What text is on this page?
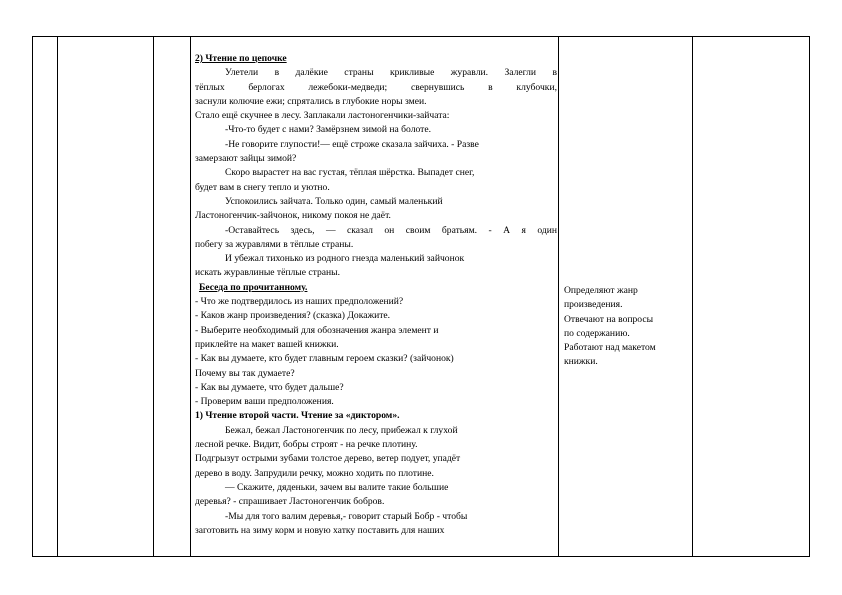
2) Чтение по цепочке

Улетели в далёкие страны крикливые журавли. Залегли в

тёплых берлогах лежебоки-медведи; свернувшись в клубочки,

заснули колючие ежи; спрятались в глубокие норы змеи.

Стало ещё скучнее в лесу. Заплакали ластоногенчики-зайчата:

-Что-то будет с нами? Замёрзнем зимой на болоте.

-Не говорите глупости!— ещё строже сказала зайчиха. - Разве

замерзают зайцы зимой?

Скоро вырастет на вас густая, тёплая шёрстка. Выпадет снег,

будет вам в снегу тепло и уютно.

Успокоились зайчата. Только один, самый маленький

Ластоногенчик-зайчонок, никому покоя не даёт.

-Оставайтесь здесь, — сказал он своим братьям. - А я один

побегу за журавлями в тёплые страны.

И убежал тихонько из родного гнезда маленький зайчонок

искать журавлиные тёплые страны.

Беседа по прочитанному.

- Что же подтвердилось из наших предположений?

- Каков жанр произведения? (сказка) Докажите.

- Выберите необходимый для обозначения жанра элемент и

приклейте на макет вашей книжки.

- Как вы думаете, кто будет главным героем сказки? (зайчонок)

Почему вы так думаете?

- Как вы думаете, что будет дальше?

- Проверим ваши предположения.

1) Чтение второй части. Чтение за «диктором».

Бежал, бежал Ластоногенчик по лесу, прибежал к глухой

лесной речке. Видит, бобры строят - на речке плотину.

Подгрызут острыми зубами толстое дерево, ветер подует, упадёт

дерево в воду. Запрудили речку, можно ходить по плотине.

— Скажите, дяденьки, зачем вы валите такие большие

деревья? - спрашивает Ластоногенчик бобров.

-Мы для того валим деревья,- говорит старый Бобр - чтобы

заготовить на зиму корм и новую хатку поставить для наших

Определяют жанр

произведения.

Отвечают на вопросы

по содержанию.

Работают над макетом

книжки.
